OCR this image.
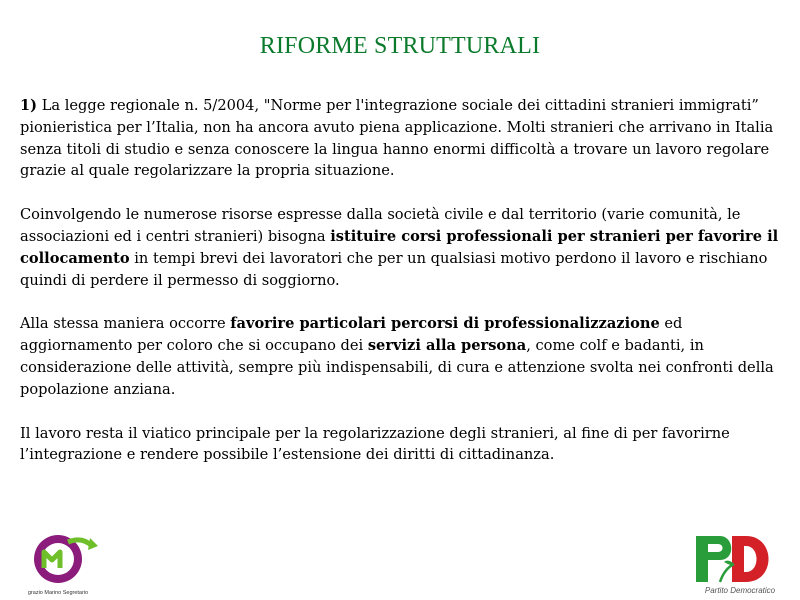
RIFORME STRUTTURALI

1) La legge regionale n. 5/2004, "Norme per l'integrazione sociale dei cittadini stranieri immigrati” pionieristica per l’Italia, non ha ancora avuto piena applicazione. Molti stranieri che arrivano in Italia senza titoli di studio e senza conoscere la lingua hanno enormi difficoltà a trovare un lavoro regolare grazie al quale regolarizzare la propria situazione.

Coinvolgendo le numerose risorse espresse dalla società civile e dal territorio (varie comunità, le associazioni ed i centri stranieri) bisogna istituire corsi professionali per stranieri per favorire il collocamento in tempi brevi dei lavoratori che per un qualsiasi motivo perdono il lavoro e rischiano quindi di perdere il permesso di soggiorno.

Alla stessa maniera occorre favorire particolari percorsi di professionalizzazione ed aggiornamento per coloro che si occupano dei servizi alla persona, come colf e badanti, in considerazione delle attività, sempre più indispensabili, di cura e attenzione svolta nei confronti della popolazione anziana.

Il lavoro resta il viatico principale per la regolarizzazione degli stranieri, al fine di per favorirne l’integrazione e rendere possibile l’estensione dei diritti di cittadinanza.

grazio Marino Segretario	Partito Democratico
